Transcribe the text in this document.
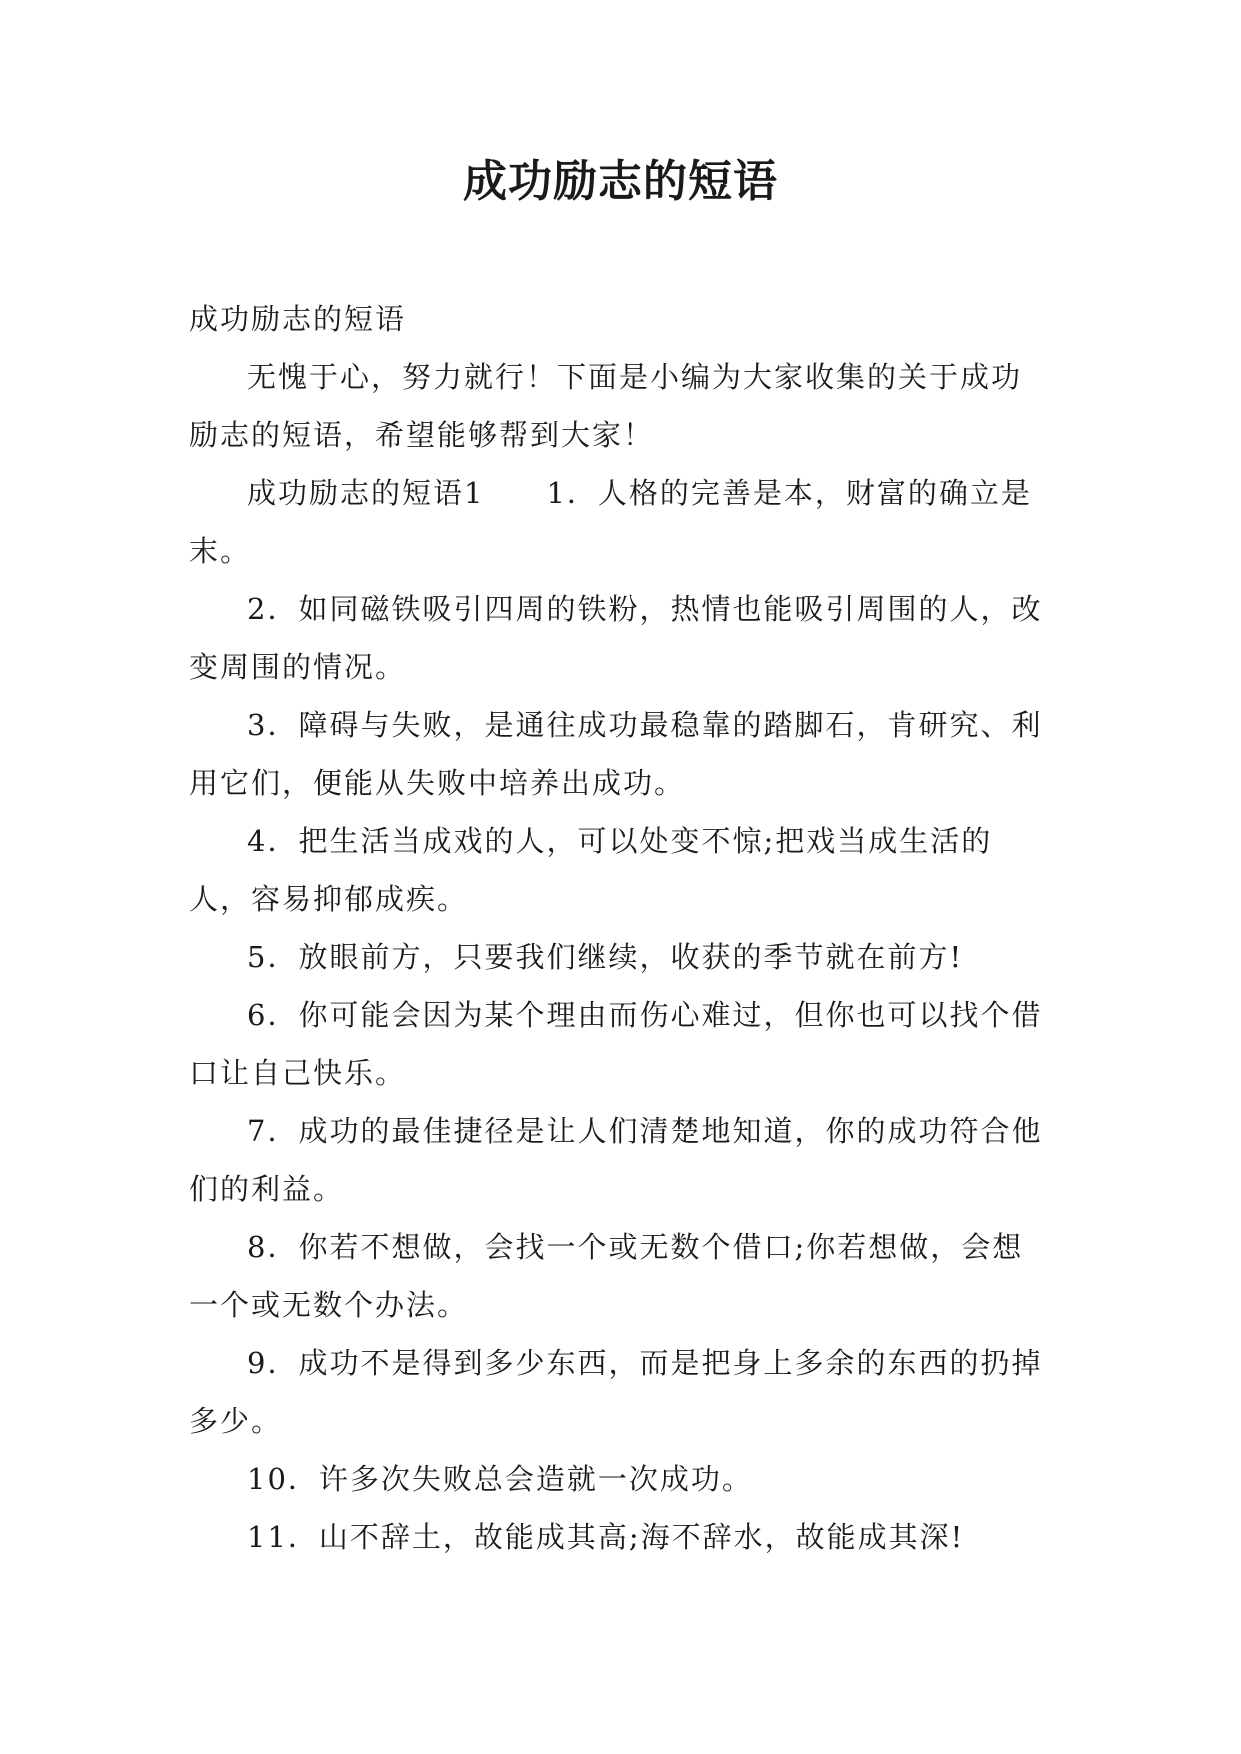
成功励志的短语

成功励志的短语

无愧于心，努力就行！下面是小编为大家收集的关于成功励志的短语，希望能够帮到大家！

成功励志的短语1　　1．人格的完善是本，财富的确立是末。

2．如同磁铁吸引四周的铁粉，热情也能吸引周围的人，改变周围的情况。

3．障碍与失败，是通往成功最稳靠的踏脚石，肯研究、利用它们，便能从失败中培养出成功。

4．把生活当成戏的人，可以处变不惊;把戏当成生活的人，容易抑郁成疾。

5．放眼前方，只要我们继续，收获的季节就在前方!

6．你可能会因为某个理由而伤心难过，但你也可以找个借口让自己快乐。

7．成功的最佳捷径是让人们清楚地知道，你的成功符合他们的利益。

8．你若不想做，会找一个或无数个借口;你若想做，会想一个或无数个办法。

9．成功不是得到多少东西，而是把身上多余的东西的扔掉多少。

10．许多次失败总会造就一次成功。

11．山不辞土，故能成其高;海不辞水，故能成其深!
